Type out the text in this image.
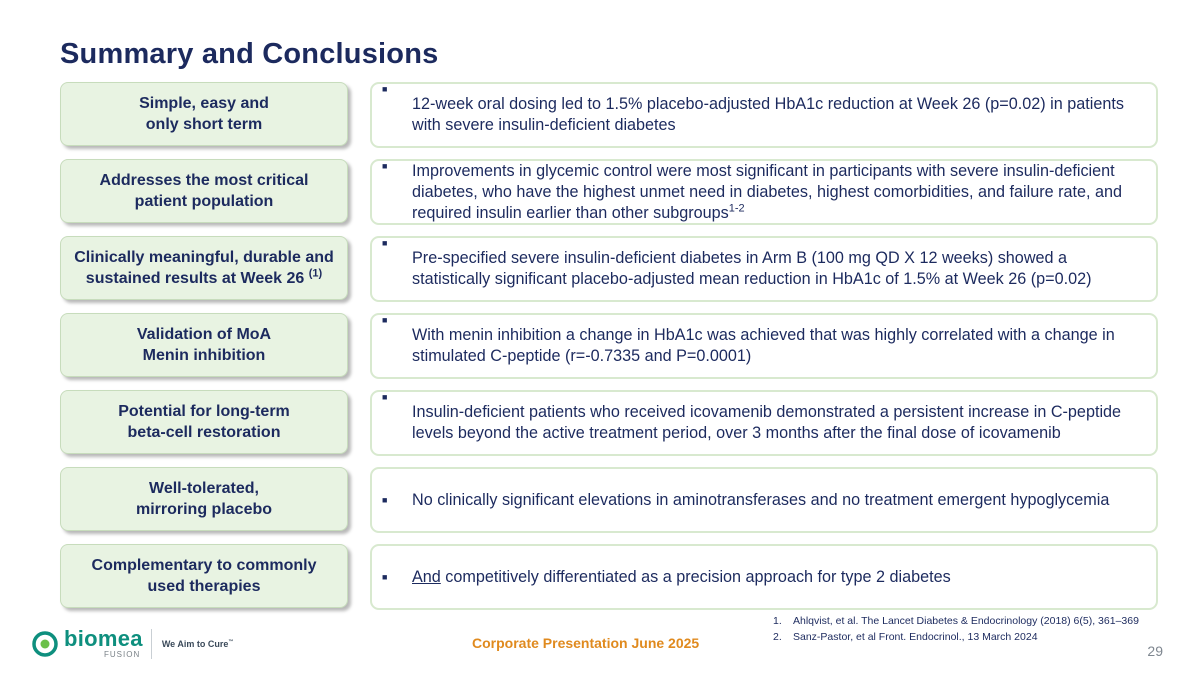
Summary and Conclusions
Simple, easy and
only short term
■
12-week oral dosing led to 1.5% placebo-adjusted HbA1c reduction at Week 26 (p=0.02) in patients with severe insulin-deficient diabetes
Addresses the most critical
patient population
■	Improvements in glycemic control were most significant in participants with severe insulin-deficient diabetes, who have the highest unmet need in diabetes, highest comorbidities, and failure rate, and required insulin earlier than other subgroups$^{1-2}$
Clinically meaningful, durable and
sustained results at Week 26 $^{(1)}$
■
Pre-specified severe insulin-deficient diabetes in Arm B (100 mg QD X 12 weeks) showed a statistically significant placebo-adjusted mean reduction in HbA1c of 1.5% at Week 26 (p=0.02)
Validation of MoA
Menin inhibition
■
With menin inhibition a change in HbA1c was achieved that was highly correlated with a change in stimulated C-peptide (r=-0.7335 and P=0.0001)
Potential for long-term
beta-cell restoration
■
Insulin-deficient patients who received icovamenib demonstrated a persistent increase in C-peptide levels beyond the active treatment period, over 3 months after the final dose of icovamenib
Well-tolerated,
mirroring placebo
■	No clinically significant elevations in aminotransferases and no treatment emergent hypoglycemia
Complementary to commonly
used therapies
■	And competitively differentiated as a precision approach for type 2 diabetes
1. Ahlqvist, et al. The Lancet Diabetes & Endocrinology (2018) 6(5), 361–369
2. Sanz-Pastor, et al Front. Endocrinol., 13 March 2024
biomea
FUSION
We Aim to Cure™	Corporate Presentation June 2025	29
